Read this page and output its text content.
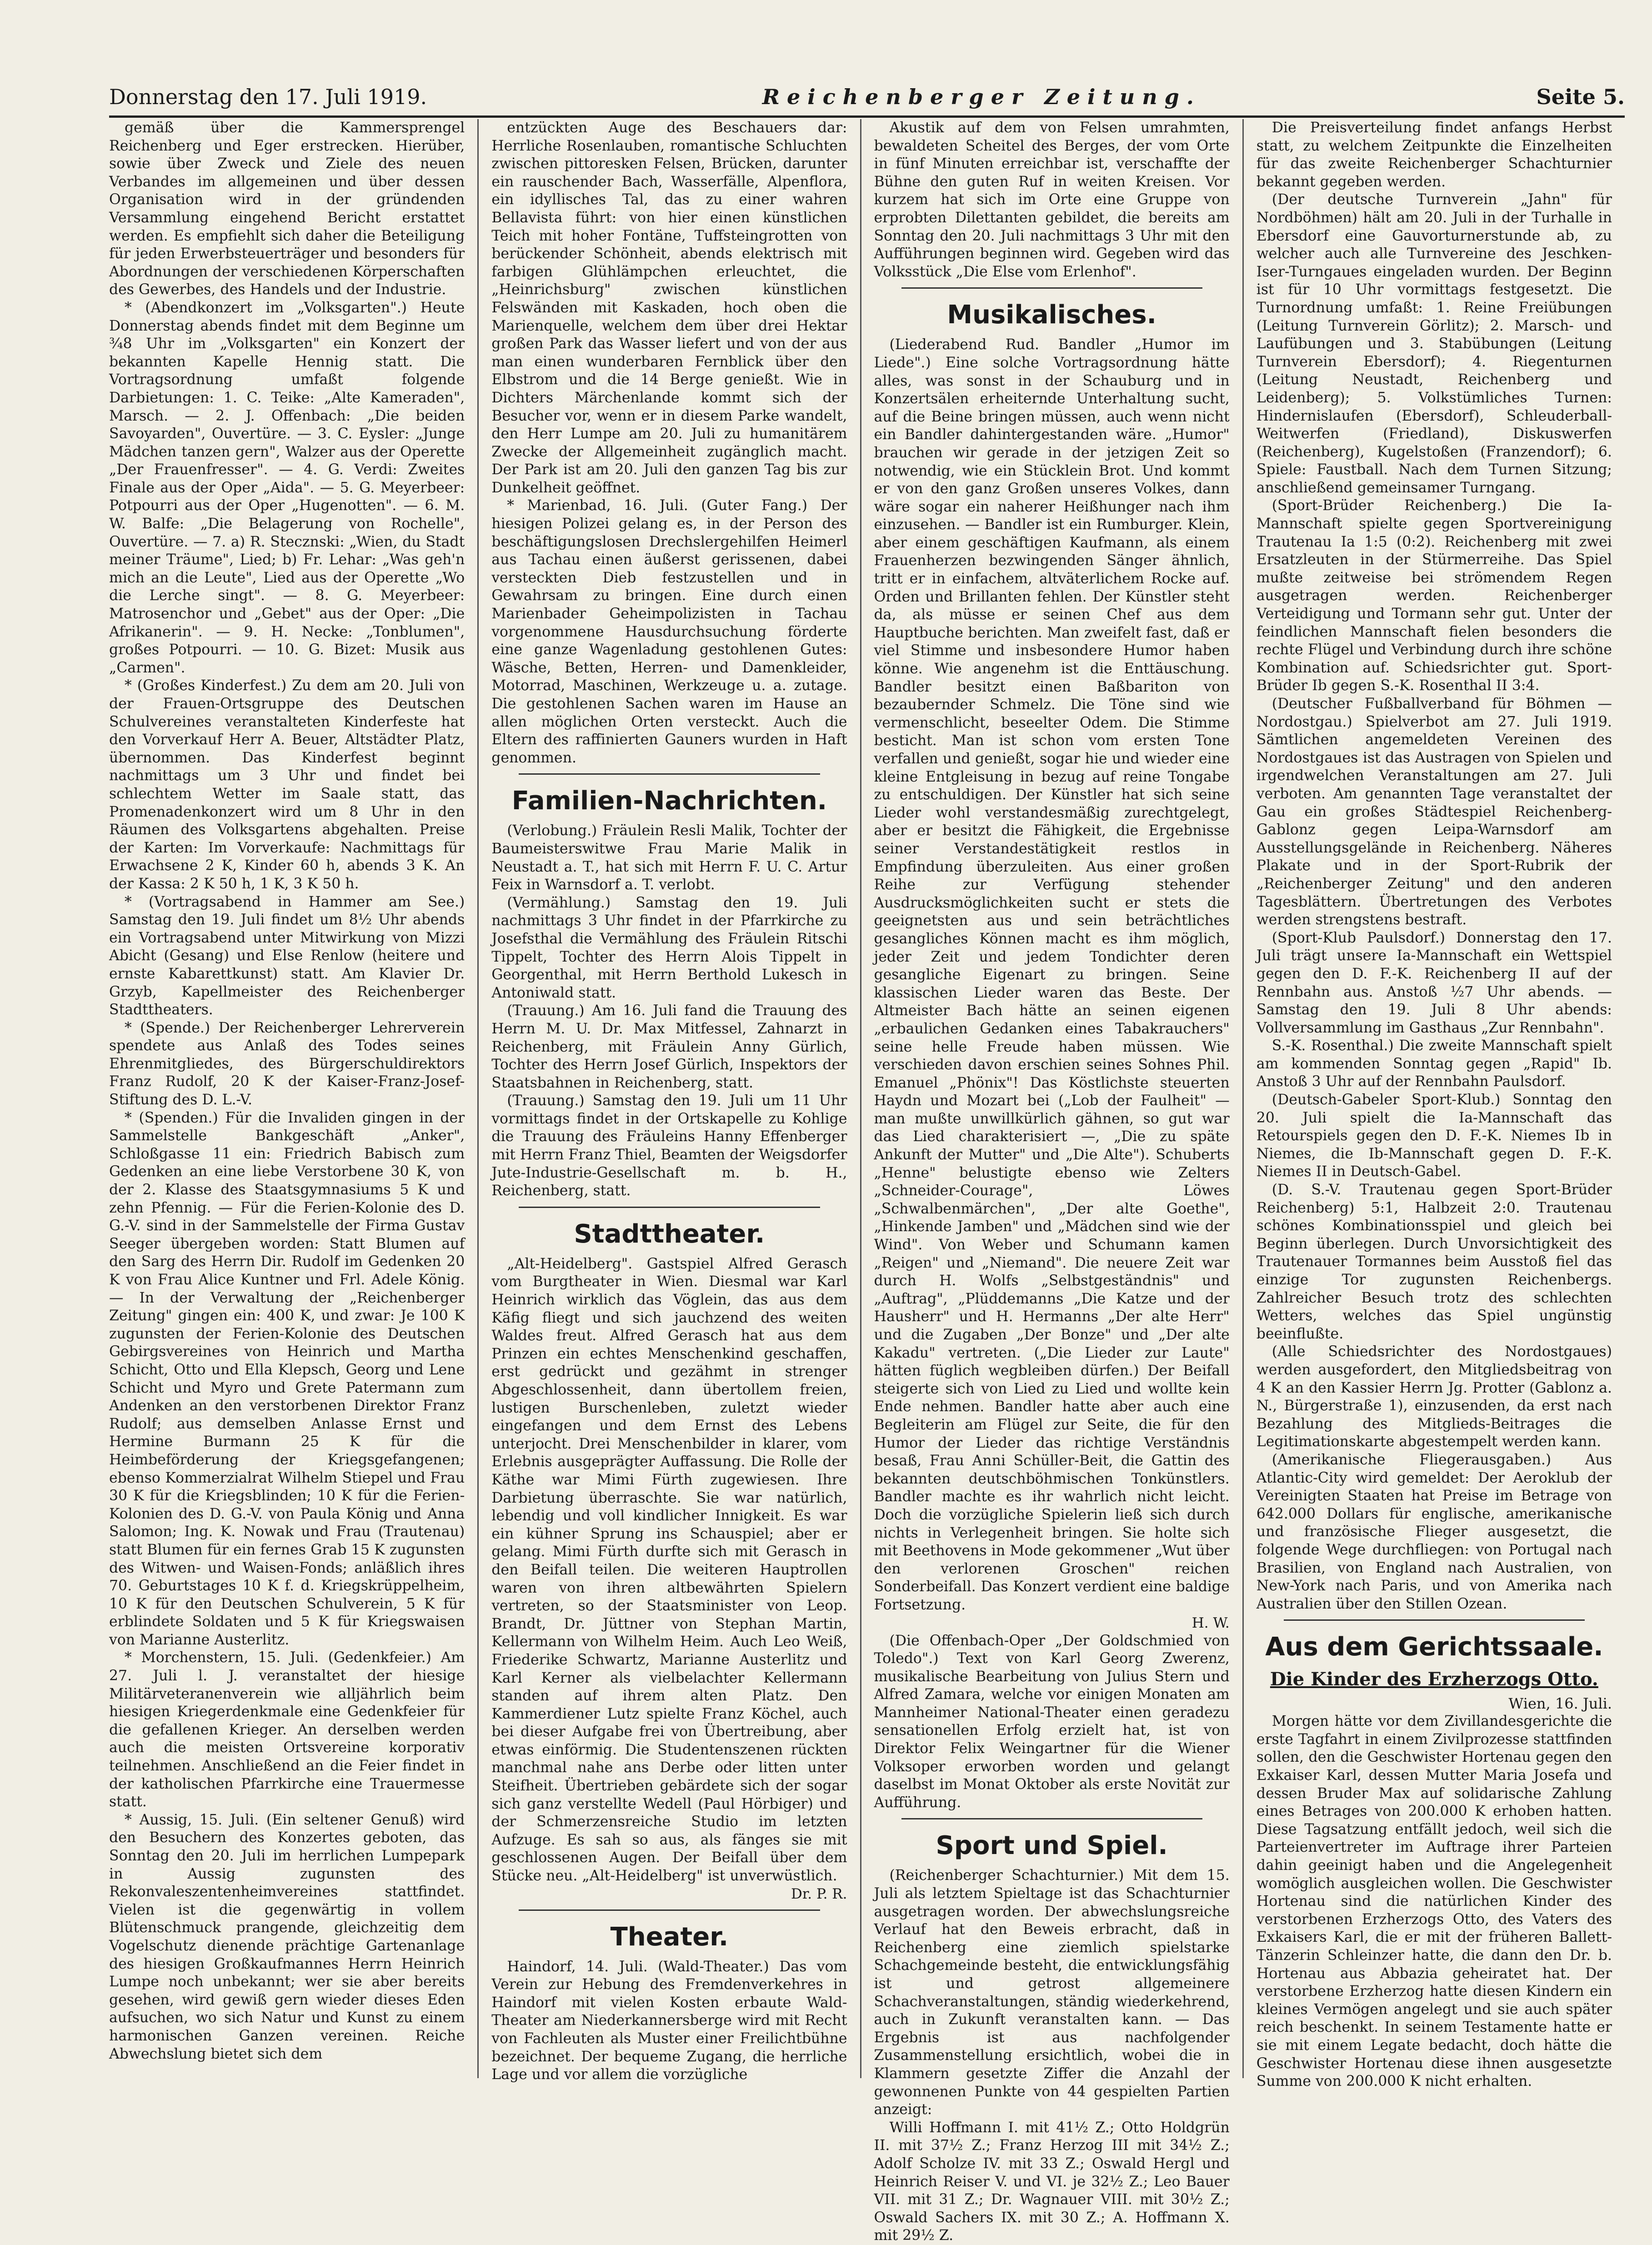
Donnerstag den 17. Juli 1919.	Reichenberger Zeitung.	Seite 5.

gemäß über die Kammersprengel Reichenberg und Eger erstrecken. Hierüber, sowie über Zweck und Ziele des neuen Verbandes im allgemeinen und über dessen Organisation wird in der gründenden Versammlung eingehend Bericht erstattet werden. Es empfiehlt sich daher die Beteiligung für jeden Erwerbsteuerträger und besonders für Abordnungen der verschiedenen Körperschaften des Gewerbes, des Handels und der Industrie.

* (Abendkonzert im „Volksgarten".) Heute Donnerstag abends findet mit dem Beginne um ¾8 Uhr im „Volksgarten" ein Konzert der bekannten Kapelle Hennig statt. Die Vortragsordnung umfaßt folgende Darbietungen: 1. C. Teike: „Alte Kameraden", Marsch. — 2. J. Offenbach: „Die beiden Savoyarden", Ouvertüre. — 3. C. Eysler: „Junge Mädchen tanzen gern", Walzer aus der Operette „Der Frauenfresser". — 4. G. Verdi: Zweites Finale aus der Oper „Aida". — 5. G. Meyerbeer: Potpourri aus der Oper „Hugenotten". — 6. M. W. Balfe: „Die Belagerung von Rochelle", Ouvertüre. — 7. a) R. Stecznski: „Wien, du Stadt meiner Träume", Lied; b) Fr. Lehar: „Was geh'n mich an die Leute", Lied aus der Operette „Wo die Lerche singt". — 8. G. Meyerbeer: Matrosenchor und „Gebet" aus der Oper: „Die Afrikanerin". — 9. H. Necke: „Tonblumen", großes Potpourri. — 10. G. Bizet: Musik aus „Carmen".

* (Großes Kinderfest.) Zu dem am 20. Juli von der Frauen-Ortsgruppe des Deutschen Schulvereines veranstalteten Kinderfeste hat den Vorverkauf Herr A. Beuer, Altstädter Platz, übernommen. Das Kinderfest beginnt nachmittags um 3 Uhr und findet bei schlechtem Wetter im Saale statt, das Promenadenkonzert wird um 8 Uhr in den Räumen des Volksgartens abgehalten. Preise der Karten: Im Vorverkaufe: Nachmittags für Erwachsene 2 K, Kinder 60 h, abends 3 K. An der Kassa: 2 K 50 h, 1 K, 3 K 50 h.

* (Vortragsabend in Hammer am See.) Samstag den 19. Juli findet um 8½ Uhr abends ein Vortragsabend unter Mitwirkung von Mizzi Abicht (Gesang) und Else Renlow (heitere und ernste Kabarettkunst) statt. Am Klavier Dr. Grzyb, Kapellmeister des Reichenberger Stadttheaters.

* (Spende.) Der Reichenberger Lehrerverein spendete aus Anlaß des Todes seines Ehrenmitgliedes, des Bürgerschuldirektors Franz Rudolf, 20 K der Kaiser-Franz-Josef-Stiftung des D. L.-V.

* (Spenden.) Für die Invaliden gingen in der Sammelstelle Bankgeschäft „Anker", Schloßgasse 11 ein: Friedrich Babisch zum Gedenken an eine liebe Verstorbene 30 K, von der 2. Klasse des Staatsgymnasiums 5 K und zehn Pfennig. — Für die Ferien-Kolonie des D. G.-V. sind in der Sammelstelle der Firma Gustav Seeger übergeben worden: Statt Blumen auf den Sarg des Herrn Dir. Rudolf im Gedenken 20 K von Frau Alice Kuntner und Frl. Adele König. — In der Verwaltung der „Reichenberger Zeitung" gingen ein: 400 K, und zwar: Je 100 K zugunsten der Ferien-Kolonie des Deutschen Gebirgsvereines von Heinrich und Martha Schicht, Otto und Ella Klepsch, Georg und Lene Schicht und Myro und Grete Patermann zum Andenken an den verstorbenen Direktor Franz Rudolf; aus demselben Anlasse Ernst und Hermine Burmann 25 K für die Heimbeförderung der Kriegsgefangenen; ebenso Kommerzialrat Wilhelm Stiepel und Frau 30 K für die Kriegsblinden; 10 K für die Ferien-Kolonien des D. G.-V. von Paula König und Anna Salomon; Ing. K. Nowak und Frau (Trautenau) statt Blumen für ein fernes Grab 15 K zugunsten des Witwen- und Waisen-Fonds; anläßlich ihres 70. Geburtstages 10 K f. d. Kriegskrüppelheim, 10 K für den Deutschen Schulverein, 5 K für erblindete Soldaten und 5 K für Kriegswaisen von Marianne Austerlitz.

* Morchenstern, 15. Juli. (Gedenkfeier.) Am 27. Juli l. J. veranstaltet der hiesige Militärveteranenverein wie alljährlich beim hiesigen Kriegerdenkmale eine Gedenkfeier für die gefallenen Krieger. An derselben werden auch die meisten Ortsvereine korporativ teilnehmen. Anschließend an die Feier findet in der katholischen Pfarrkirche eine Trauermesse statt.

* Aussig, 15. Juli. (Ein seltener Genuß) wird den Besuchern des Konzertes geboten, das Sonntag den 20. Juli im herrlichen Lumpepark in Aussig zugunsten des Rekonvaleszentenheimvereines stattfindet. Vielen ist die gegenwärtig in vollem Blütenschmuck prangende, gleichzeitig dem Vogelschutz dienende prächtige Gartenanlage des hiesigen Großkaufmannes Herrn Heinrich Lumpe noch unbekannt; wer sie aber bereits gesehen, wird gewiß gern wieder dieses Eden aufsuchen, wo sich Natur und Kunst zu einem harmonischen Ganzen vereinen. Reiche Abwechslung bietet sich dem

entzückten Auge des Beschauers dar: Herrliche Rosenlauben, romantische Schluchten zwischen pittoresken Felsen, Brücken, darunter ein rauschender Bach, Wasserfälle, Alpenflora, ein idyllisches Tal, das zu einer wahren Bellavista führt: von hier einen künstlichen Teich mit hoher Fontäne, Tuffsteingrotten von berückender Schönheit, abends elektrisch mit farbigen Glühlämpchen erleuchtet, die „Heinrichsburg" zwischen künstlichen Felswänden mit Kaskaden, hoch oben die Marienquelle, welchem dem über drei Hektar großen Park das Wasser liefert und von der aus man einen wunderbaren Fernblick über den Elbstrom und die 14 Berge genießt. Wie in Dichters Märchenlande kommt sich der Besucher vor, wenn er in diesem Parke wandelt, den Herr Lumpe am 20. Juli zu humanitärem Zwecke der Allgemeinheit zugänglich macht. Der Park ist am 20. Juli den ganzen Tag bis zur Dunkelheit geöffnet.

* Marienbad, 16. Juli. (Guter Fang.) Der hiesigen Polizei gelang es, in der Person des beschäftigungslosen Drechslergehilfen Heimerl aus Tachau einen äußerst gerissenen, dabei versteckten Dieb festzustellen und in Gewahrsam zu bringen. Eine durch einen Marienbader Geheimpolizisten in Tachau vorgenommene Hausdurchsuchung förderte eine ganze Wagenladung gestohlenen Gutes: Wäsche, Betten, Herren- und Damenkleider, Motorrad, Maschinen, Werkzeuge u. a. zutage. Die gestohlenen Sachen waren im Hause an allen möglichen Orten versteckt. Auch die Eltern des raffinierten Gauners wurden in Haft genommen.

Familien-Nachrichten.

(Verlobung.) Fräulein Resli Malik, Tochter der Baumeisterswitwe Frau Marie Malik in Neustadt a. T., hat sich mit Herrn F. U. C. Artur Feix in Warnsdorf a. T. verlobt.

(Vermählung.) Samstag den 19. Juli nachmittags 3 Uhr findet in der Pfarrkirche zu Josefsthal die Vermählung des Fräulein Ritschi Tippelt, Tochter des Herrn Alois Tippelt in Georgenthal, mit Herrn Berthold Lukesch in Antoniwald statt.

(Trauung.) Am 16. Juli fand die Trauung des Herrn M. U. Dr. Max Mitfessel, Zahnarzt in Reichenberg, mit Fräulein Anny Gürlich, Tochter des Herrn Josef Gürlich, Inspektors der Staatsbahnen in Reichenberg, statt.

(Trauung.) Samstag den 19. Juli um 11 Uhr vormittags findet in der Ortskapelle zu Kohlige die Trauung des Fräuleins Hanny Effenberger mit Herrn Franz Thiel, Beamten der Weigsdorfer Jute-Industrie-Gesellschaft m. b. H., Reichenberg, statt.

Stadttheater.

„Alt-Heidelberg". Gastspiel Alfred Gerasch vom Burgtheater in Wien. Diesmal war Karl Heinrich wirklich das Vöglein, das aus dem Käfig fliegt und sich jauchzend des weiten Waldes freut. Alfred Gerasch hat aus dem Prinzen ein echtes Menschenkind geschaffen, erst gedrückt und gezähmt in strenger Abgeschlossenheit, dann übertollem freien, lustigen Burschenleben, zuletzt wieder eingefangen und dem Ernst des Lebens unterjocht. Drei Menschenbilder in klarer, vom Erlebnis ausgeprägter Auffassung. Die Rolle der Käthe war Mimi Fürth zugewiesen. Ihre Darbietung überraschte. Sie war natürlich, lebendig und voll kindlicher Innigkeit. Es war ein kühner Sprung ins Schauspiel; aber er gelang. Mimi Fürth durfte sich mit Gerasch in den Beifall teilen. Die weiteren Hauptrollen waren von ihren altbewährten Spielern vertreten, so der Staatsminister von Leop. Brandt, Dr. Jüttner von Stephan Martin, Kellermann von Wilhelm Heim. Auch Leo Weiß, Friederike Schwartz, Marianne Austerlitz und Karl Kerner als vielbelachter Kellermann standen auf ihrem alten Platz. Den Kammerdiener Lutz spielte Franz Köchel, auch bei dieser Aufgabe frei von Übertreibung, aber etwas einförmig. Die Studentenszenen rückten manchmal nahe ans Derbe oder litten unter Steifheit. Übertrieben gebärdete sich der sogar sich ganz verstellte Wedell (Paul Hörbiger) und der Schmerzensreiche Studio im letzten Aufzuge. Es sah so aus, als fänges sie mit geschlossenen Augen. Der Beifall über dem Stücke neu. „Alt-Heidelberg" ist unverwüstlich.

Dr. P. R.

Theater.

Haindorf, 14. Juli. (Wald-Theater.) Das vom Verein zur Hebung des Fremdenverkehres in Haindorf mit vielen Kosten erbaute Wald-Theater am Niederkannersberge wird mit Recht von Fachleuten als Muster einer Freilichtbühne bezeichnet. Der bequeme Zugang, die herrliche Lage und vor allem die vorzügliche

Akustik auf dem von Felsen umrahmten, bewaldeten Scheitel des Berges, der vom Orte in fünf Minuten erreichbar ist, verschaffte der Bühne den guten Ruf in weiten Kreisen. Vor kurzem hat sich im Orte eine Gruppe von erprobten Dilettanten gebildet, die bereits am Sonntag den 20. Juli nachmittags 3 Uhr mit den Aufführungen beginnen wird. Gegeben wird das Volksstück „Die Else vom Erlenhof".

Musikalisches.

(Liederabend Rud. Bandler „Humor im Liede".) Eine solche Vortragsordnung hätte alles, was sonst in der Schauburg und in Konzertsälen erheiternde Unterhaltung sucht, auf die Beine bringen müssen, auch wenn nicht ein Bandler dahintergestanden wäre. „Humor" brauchen wir gerade in der jetzigen Zeit so notwendig, wie ein Stücklein Brot. Und kommt er von den ganz Großen unseres Volkes, dann wäre sogar ein naherer Heißhunger nach ihm einzusehen. — Bandler ist ein Rumburger. Klein, aber einem geschäftigen Kaufmann, als einem Frauenherzen bezwingenden Sänger ähnlich, tritt er in einfachem, altväterlichem Rocke auf. Orden und Brillanten fehlen. Der Künstler steht da, als müsse er seinen Chef aus dem Hauptbuche berichten. Man zweifelt fast, daß er viel Stimme und insbesondere Humor haben könne. Wie angenehm ist die Enttäuschung. Bandler besitzt einen Baßbariton von bezaubernder Schmelz. Die Töne sind wie vermenschlicht, beseelter Odem. Die Stimme besticht. Man ist schon vom ersten Tone verfallen und genießt, sogar hie und wieder eine kleine Entgleisung in bezug auf reine Tongabe zu entschuldigen. Der Künstler hat sich seine Lieder wohl verstandesmäßig zurechtgelegt, aber er besitzt die Fähigkeit, die Ergebnisse seiner Verstandestätigkeit restlos in Empfindung überzuleiten. Aus einer großen Reihe zur Verfügung stehender Ausdrucksmöglichkeiten sucht er stets die geeignetsten aus und sein beträchtliches gesangliches Können macht es ihm möglich, jeder Zeit und jedem Tondichter deren gesangliche Eigenart zu bringen. Seine klassischen Lieder waren das Beste. Der Altmeister Bach hätte an seinen eigenen „erbaulichen Gedanken eines Tabakrauchers" seine helle Freude haben müssen. Wie verschieden davon erschien seines Sohnes Phil. Emanuel „Phönix"! Das Köstlichste steuerten Haydn und Mozart bei („Lob der Faulheit" — man mußte unwillkürlich gähnen, so gut war das Lied charakterisiert —, „Die zu späte Ankunft der Mutter" und „Die Alte"). Schuberts „Henne" belustigte ebenso wie Zelters „Schneider-Courage", Löwes „Schwalbenmärchen", „Der alte Goethe", „Hinkende Jamben" und „Mädchen sind wie der Wind". Von Weber und Schumann kamen „Reigen" und „Niemand". Die neuere Zeit war durch H. Wolfs „Selbstgeständnis" und „Auftrag", „Plüddemanns „Die Katze und der Hausherr" und H. Hermanns „Der alte Herr" und die Zugaben „Der Bonze" und „Der alte Kakadu" vertreten. („Die Lieder zur Laute" hätten füglich wegbleiben dürfen.) Der Beifall steigerte sich von Lied zu Lied und wollte kein Ende nehmen. Bandler hatte aber auch eine Begleiterin am Flügel zur Seite, die für den Humor der Lieder das richtige Verständnis besaß, Frau Anni Schüller-Beit, die Gattin des bekannten deutschböhmischen Tonkünstlers. Bandler machte es ihr wahrlich nicht leicht. Doch die vorzügliche Spielerin ließ sich durch nichts in Verlegenheit bringen. Sie holte sich mit Beethovens in Mode gekommener „Wut über den verlorenen Groschen" reichen Sonderbeifall. Das Konzert verdient eine baldige Fortsetzung.

H. W.

(Die Offenbach-Oper „Der Goldschmied von Toledo".) Text von Karl Georg Zwerenz, musikalische Bearbeitung von Julius Stern und Alfred Zamara, welche vor einigen Monaten am Mannheimer National-Theater einen geradezu sensationellen Erfolg erzielt hat, ist von Direktor Felix Weingartner für die Wiener Volksoper erworben worden und gelangt daselbst im Monat Oktober als erste Novität zur Aufführung.

Sport und Spiel.

(Reichenberger Schachturnier.) Mit dem 15. Juli als letztem Spieltage ist das Schachturnier ausgetragen worden. Der abwechslungsreiche Verlauf hat den Beweis erbracht, daß in Reichenberg eine ziemlich spielstarke Schachgemeinde besteht, die entwicklungsfähig ist und getrost allgemeinere Schachveranstaltungen, ständig wiederkehrend, auch in Zukunft veranstalten kann. — Das Ergebnis ist aus nachfolgender Zusammenstellung ersichtlich, wobei die in Klammern gesetzte Ziffer die Anzahl der gewonnenen Punkte von 44 gespielten Partien anzeigt:

Willi Hoffmann I. mit 41½ Z.; Otto Holdgrün II. mit 37½ Z.; Franz Herzog III mit 34½ Z.; Adolf Scholze IV. mit 33 Z.; Oswald Hergl und Heinrich Reiser V. und VI. je 32½ Z.; Leo Bauer VII. mit 31 Z.; Dr. Wagnauer VIII. mit 30½ Z.; Oswald Sachers IX. mit 30 Z.; A. Hoffmann X. mit 29½ Z.

Die Preisverteilung findet anfangs Herbst statt, zu welchem Zeitpunkte die Einzelheiten für das zweite Reichenberger Schachturnier bekannt gegeben werden.

(Der deutsche Turnverein „Jahn" für Nordböhmen) hält am 20. Juli in der Turhalle in Ebersdorf eine Gauvorturnerstunde ab, zu welcher auch alle Turnvereine des Jeschken-Iser-Turngaues eingeladen wurden. Der Beginn ist für 10 Uhr vormittags festgesetzt. Die Turnordnung umfaßt: 1. Reine Freiübungen (Leitung Turnverein Görlitz); 2. Marsch- und Laufübungen und 3. Stabübungen (Leitung Turnverein Ebersdorf); 4. Riegenturnen (Leitung Neustadt, Reichenberg und Leidenberg); 5. Volkstümliches Turnen: Hindernislaufen (Ebersdorf), Schleuderball-Weitwerfen (Friedland), Diskuswerfen (Reichenberg), Kugelstoßen (Franzendorf); 6. Spiele: Faustball. Nach dem Turnen Sitzung; anschließend gemeinsamer Turngang.

(Sport-Brüder Reichenberg.) Die Ia-Mannschaft spielte gegen Sportvereinigung Trautenau Ia 1:5 (0:2). Reichenberg mit zwei Ersatzleuten in der Stürmerreihe. Das Spiel mußte zeitweise bei strömendem Regen ausgetragen werden. Reichenberger Verteidigung und Tormann sehr gut. Unter der feindlichen Mannschaft fielen besonders die rechte Flügel und Verbindung durch ihre schöne Kombination auf. Schiedsrichter gut. Sport-Brüder Ib gegen S.-K. Rosenthal II 3:4.

(Deutscher Fußballverband für Böhmen — Nordostgau.) Spielverbot am 27. Juli 1919. Sämtlichen angemeldeten Vereinen des Nordostgaues ist das Austragen von Spielen und irgendwelchen Veranstaltungen am 27. Juli verboten. Am genannten Tage veranstaltet der Gau ein großes Städtespiel Reichenberg-Gablonz gegen Leipa-Warnsdorf am Ausstellungsgelände in Reichenberg. Näheres Plakate und in der Sport-Rubrik der „Reichenberger Zeitung" und den anderen Tagesblättern. Übertretungen des Verbotes werden strengstens bestraft.

(Sport-Klub Paulsdorf.) Donnerstag den 17. Juli trägt unsere Ia-Mannschaft ein Wettspiel gegen den D. F.-K. Reichenberg II auf der Rennbahn aus. Anstoß ½7 Uhr abends. — Samstag den 19. Juli 8 Uhr abends: Vollversammlung im Gasthaus „Zur Rennbahn".

S.-K. Rosenthal.) Die zweite Mannschaft spielt am kommenden Sonntag gegen „Rapid" Ib. Anstoß 3 Uhr auf der Rennbahn Paulsdorf.

(Deutsch-Gabeler Sport-Klub.) Sonntag den 20. Juli spielt die Ia-Mannschaft das Retourspiels gegen den D. F.-K. Niemes Ib in Niemes, die Ib-Mannschaft gegen D. F.-K. Niemes II in Deutsch-Gabel.

(D. S.-V. Trautenau gegen Sport-Brüder Reichenberg) 5:1, Halbzeit 2:0. Trautenau schönes Kombinationsspiel und gleich bei Beginn überlegen. Durch Unvorsichtigkeit des Trautenauer Tormannes beim Ausstoß fiel das einzige Tor zugunsten Reichenbergs. Zahlreicher Besuch trotz des schlechten Wetters, welches das Spiel ungünstig beeinflußte.

(Alle Schiedsrichter des Nordostgaues) werden ausgefordert, den Mitgliedsbeitrag von 4 K an den Kassier Herrn Jg. Protter (Gablonz a. N., Bürgerstraße 1), einzusenden, da erst nach Bezahlung des Mitglieds-Beitrages die Legitimationskarte abgestempelt werden kann.

(Amerikanische Fliegerausgaben.) Aus Atlantic-City wird gemeldet: Der Aeroklub der Vereinigten Staaten hat Preise im Betrage von 642.000 Dollars für englische, amerikanische und französische Flieger ausgesetzt, die folgende Wege durchfliegen: von Portugal nach Brasilien, von England nach Australien, von New-York nach Paris, und von Amerika nach Australien über den Stillen Ozean.

Aus dem Gerichtssaale.
Die Kinder des Erzherzogs Otto.

Wien, 16. Juli.

Morgen hätte vor dem Zivillandesgerichte die erste Tagfahrt in einem Zivilprozesse stattfinden sollen, den die Geschwister Hortenau gegen den Exkaiser Karl, dessen Mutter Maria Josefa und dessen Bruder Max auf solidarische Zahlung eines Betrages von 200.000 K erhoben hatten. Diese Tagsatzung entfällt jedoch, weil sich die Parteienvertreter im Auftrage ihrer Parteien dahin geeinigt haben und die Angelegenheit womöglich ausgleichen wollen. Die Geschwister Hortenau sind die natürlichen Kinder des verstorbenen Erzherzogs Otto, des Vaters des Exkaisers Karl, die er mit der früheren Ballett-Tänzerin Schleinzer hatte, die dann den Dr. b. Hortenau aus Abbazia geheiratet hat. Der verstorbene Erzherzog hatte diesen Kindern ein kleines Vermögen angelegt und sie auch später reich beschenkt. In seinem Testamente hatte er sie mit einem Legate bedacht, doch hätte die Geschwister Hortenau diese ihnen ausgesetzte Summe von 200.000 K nicht erhalten.
